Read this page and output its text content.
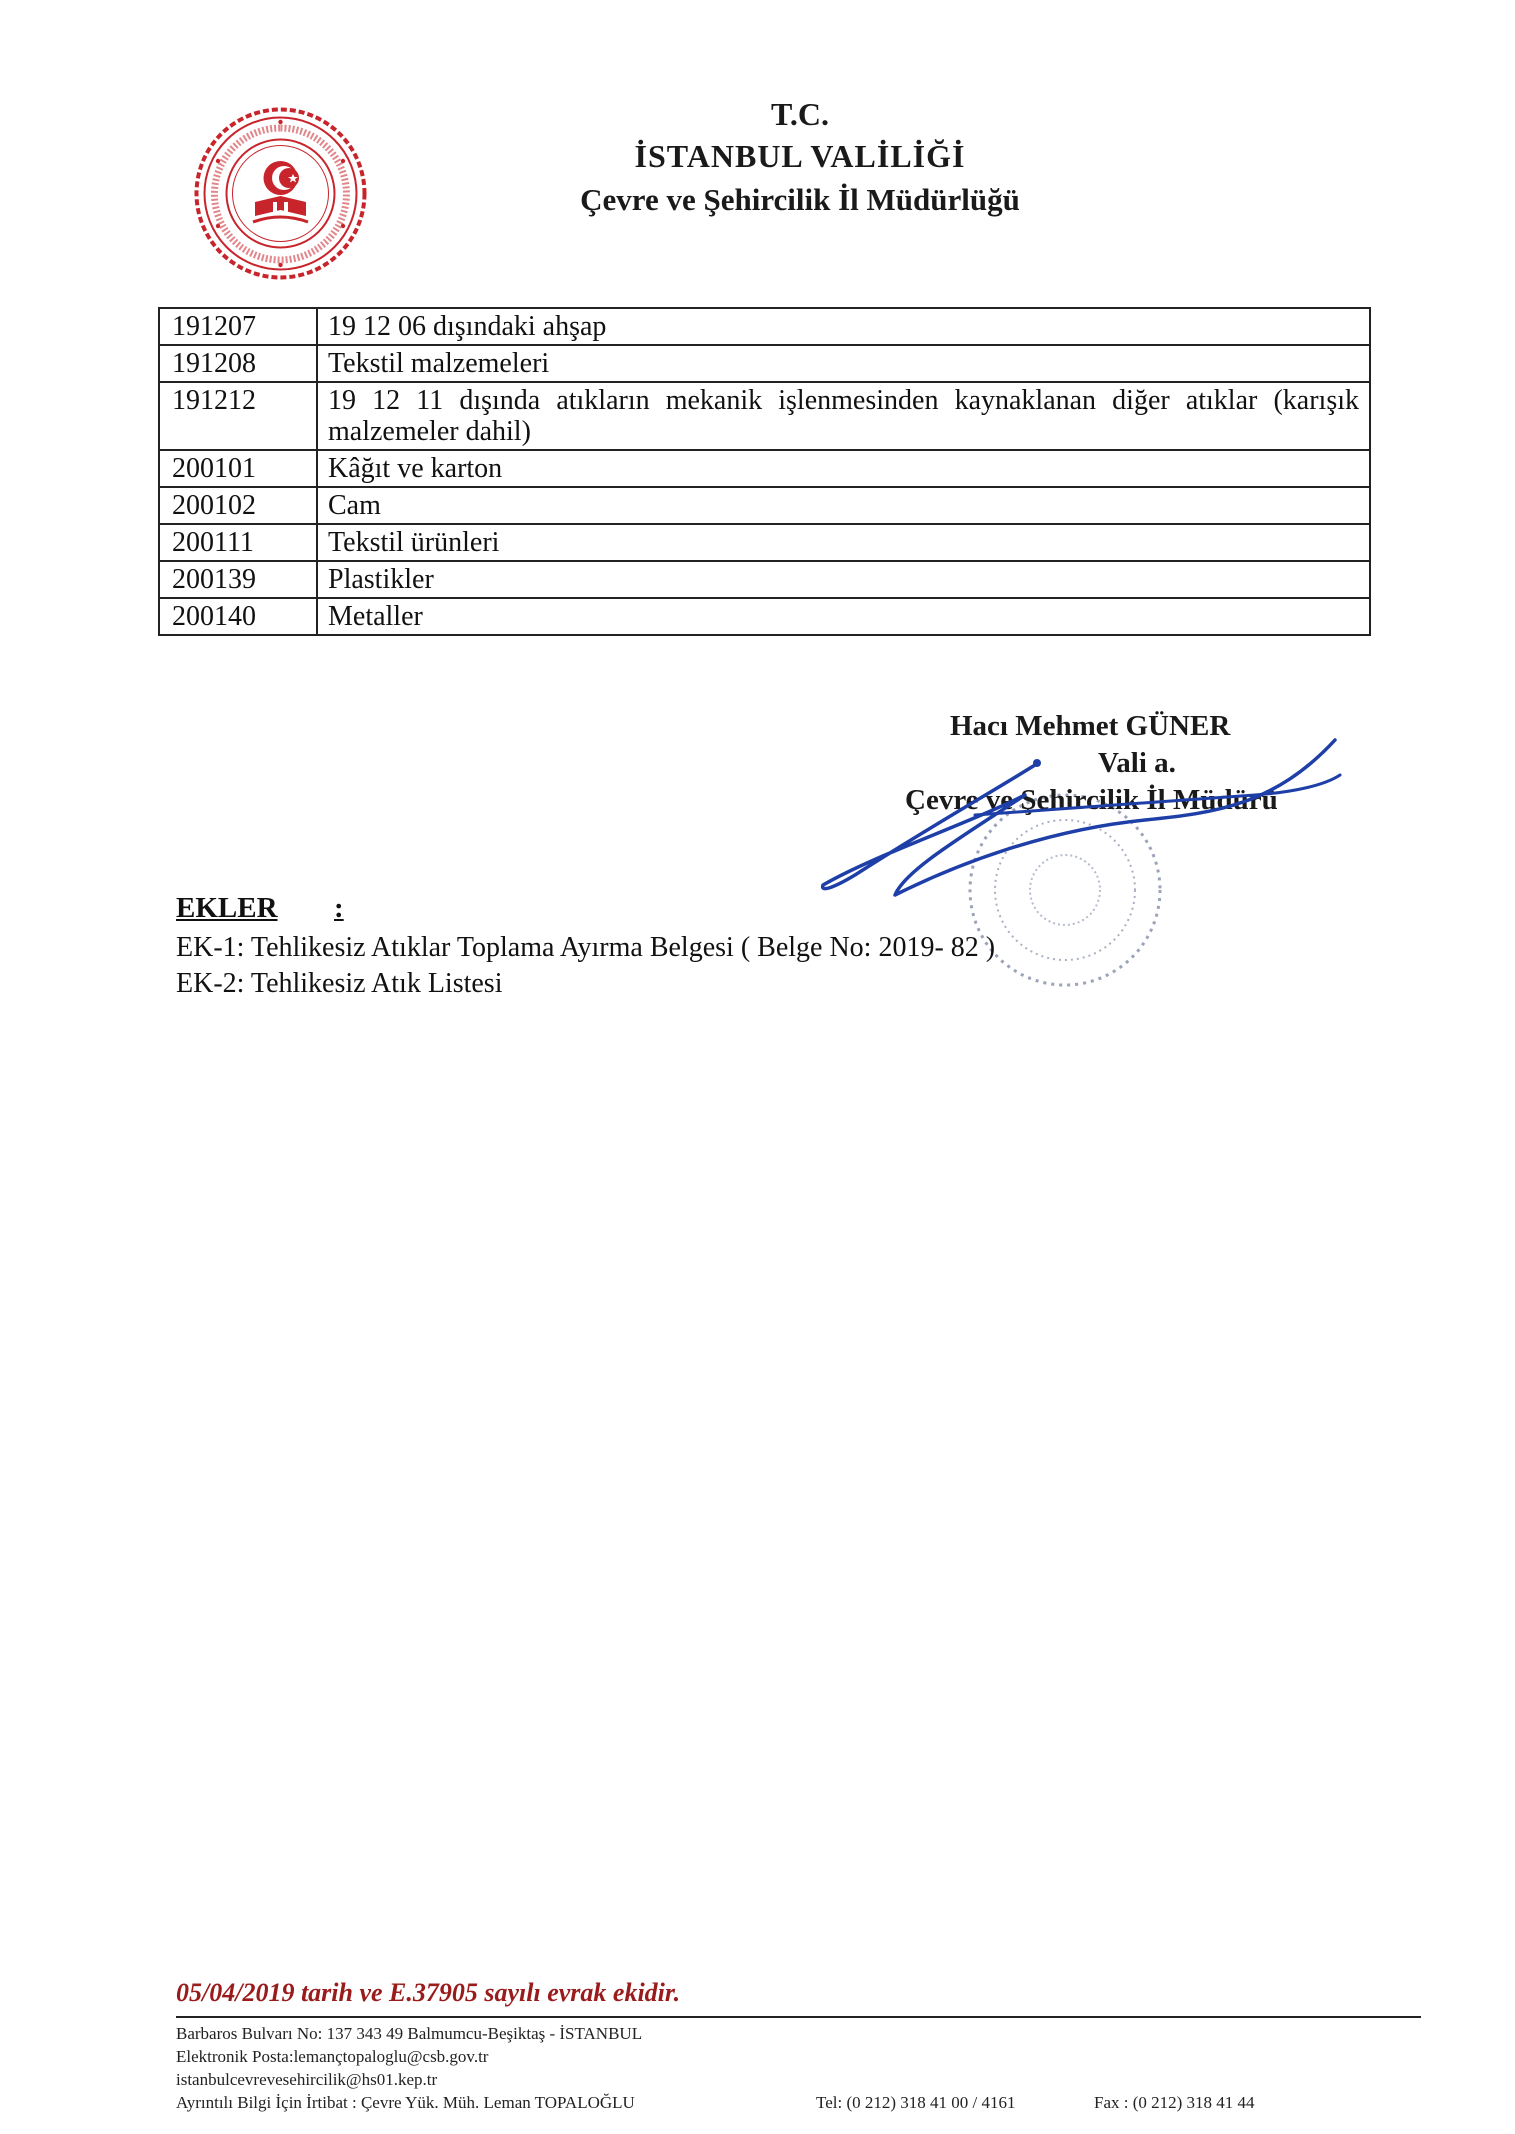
T.C.
İSTANBUL VALİLİĞİ
Çevre ve Şehircilik İl Müdürlüğü
191207	19 12 06 dışındaki ahşap
191208	Tekstil malzemeleri
191212	19 12 11 dışında atıkların mekanik işlenmesinden kaynaklanan diğer atıklar (karışık malzemeler dahil)
200101	Kâğıt ve karton
200102	Cam
200111	Tekstil ürünleri
200139	Plastikler
200140	Metaller
Hacı Mehmet GÜNER
Vali a.
Çevre ve Şehircilik İl Müdürü
EKLER :
EK-1: Tehlikesiz Atıklar Toplama Ayırma Belgesi ( Belge No: 2019- 82 )
EK-2: Tehlikesiz Atık Listesi
05/04/2019 tarih ve E.37905 sayılı evrak ekidir.
Barbaros Bulvarı No: 137 343 49 Balmumcu-Beşiktaş - İSTANBUL
Elektronik Posta:lemançtopaloglu@csb.gov.tr
istanbulcevrevesehircilik@hs01.kep.tr
Ayrıntılı Bilgi İçin İrtibat : Çevre Yük. Müh. Leman TOPALOĞLU	Tel: (0 212) 318 41 00 / 4161	Fax : (0 212) 318 41 44
